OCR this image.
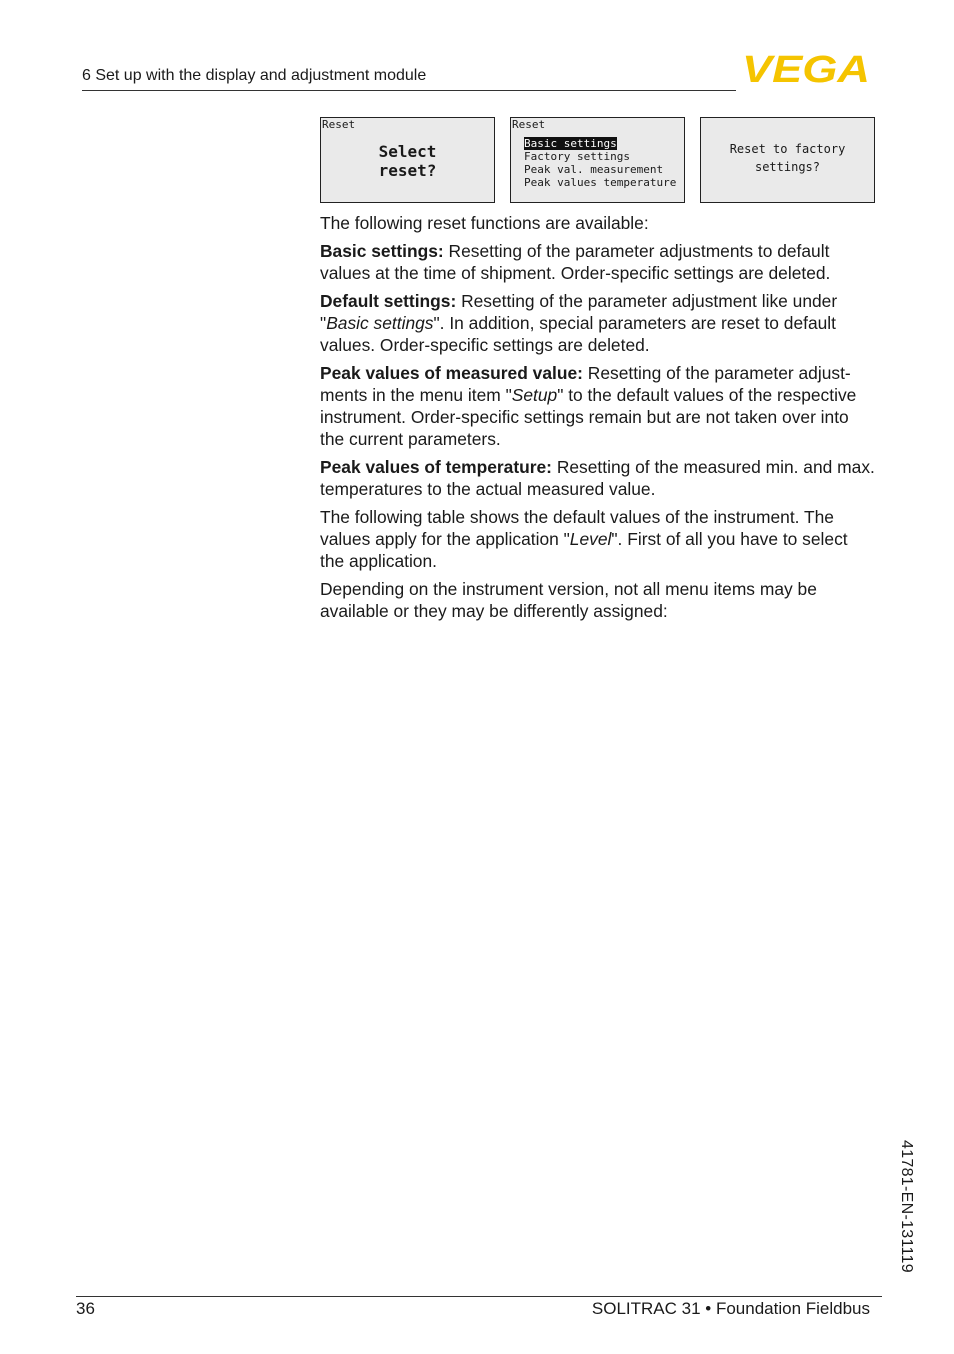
6 Set up with the display and adjustment module	VEGA
Reset
Select
reset?
Reset
Basic settings
Factory settings
Peak val. measurement
Peak values temperature
Reset to factory
settings?

The following reset functions are available:

Basic settings: Resetting of the parameter adjustments to default values at the time of shipment. Order-specific settings are deleted.

Default settings: Resetting of the parameter adjustment like under "Basic settings". In addition, special parameters are reset to default values. Order-specific settings are deleted.

Peak values of measured value: Resetting of the parameter adjustments in the menu item "Setup" to the default values of the respective instrument. Order-specific settings remain but are not taken over into the current parameters.

Peak values of temperature: Resetting of the measured min. and max. temperatures to the actual measured value.

The following table shows the default values of the instrument. The values apply for the application "Level". First of all you have to select the application.

Depending on the instrument version, not all menu items may be available or they may be differently assigned:

41781-EN-131119
36	SOLITRAC 31 • Foundation Fieldbus
